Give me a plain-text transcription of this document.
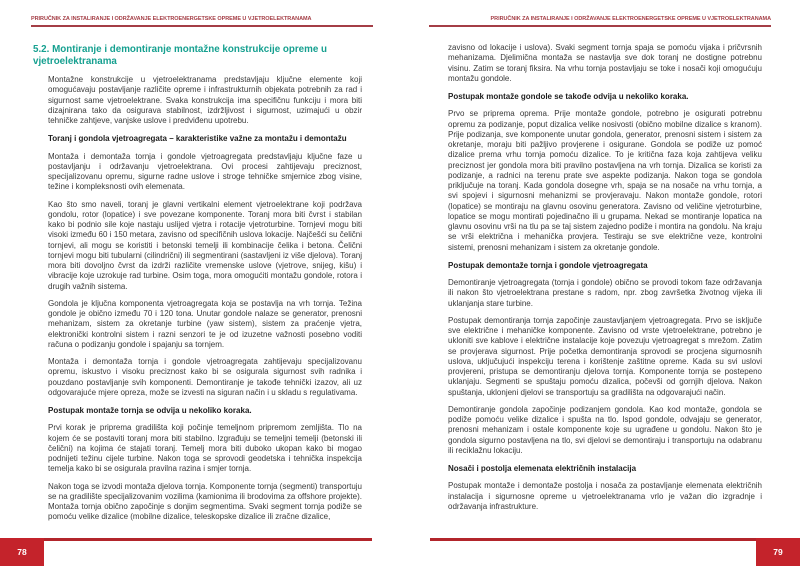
PRIRUČNIK ZA INSTALIRANJE I ODRŽAVANJE ELEKTROENERGETSKE OPREME U VJETROELEKTRANAMA
5.2. Montiranje i demontiranje montažne konstrukcije opreme u vjetroelektranama
Montažne konstrukcije u vjetroelektranama predstavljaju ključne elemente koji omogućavaju postavljanje različite opreme i infrastrukturnih objekata potrebnih za rad i sigurnost same vjetroelektrane. Svaka konstrukcija ima specifičnu funkciju i mora biti dizajnirana tako da osigurava stabilnost, izdržljivost i sigurnost, uzimajući u obzir tehničke zahtjeve, vanjske uslove i predviđenu upotrebu.
Toranj i gondola vjetroagregata – karakteristike važne za montažu i demontažu
Montaža i demontaža tornja i gondole vjetroagregata predstavljaju ključne faze u postavljanju i održavanju vjetroelektrana. Ovi procesi zahtijevaju preciznost, specijalizovanu opremu, sigurne radne uslove i stroge tehničke smjernice zbog visine, težine i kompleksnosti ovih elemenata.
Kao što smo naveli, toranj je glavni vertikalni element vjetroelektrane koji podržava gondolu, rotor (lopatice) i sve povezane komponente. Toranj mora biti čvrst i stabilan kako bi podnio sile koje nastaju uslijed vjetra i rotacije vjetroturbine. Tornjevi mogu biti visoki između 60 i 150 metara, zavisno od specifičnih uslova lokacije. Najčešći su čelični tornjevi, ali mogu se koristiti i betonski temelji ili kombinacije čelika i betona. Čelični tornjevi mogu biti tubularni (cilindrični) ili segmentirani (sastavljeni iz više djelova). Toranj mora biti dovoljno čvrst da izdrži različite vremenske uslove (vjetrove, snijeg, kišu) i vibracije koje uzrokuje rad turbine. Osim toga, mora omogućiti montažu gondole, rotora i drugih važnih sistema.
Gondola je ključna komponenta vjetroagregata koja se postavlja na vrh tornja. Težina gondole je obično između 70 i 120 tona. Unutar gondole nalaze se generator, prenosni mehanizam, sistem za okretanje turbine (yaw sistem), sistem za praćenje vjetra, elektronički kontrolni sistem i razni senzori te je od izuzetne važnosti posebno voditi računa o podizanju gondole i spajanju sa tornjem.
Montaža i demontaža tornja i gondole vjetroagregata zahtijevaju specijalizovanu opremu, iskustvo i visoku preciznost kako bi se osigurala sigurnost svih radnika i pouzdano postavljanje svih komponenti. Demontiranje je takođe tehnički izazov, ali uz odgovarajuće mjere opreza, može se izvesti na siguran način i u skladu s regulativama.
Postupak montaže tornja se odvija u nekoliko koraka.
Prvi korak je priprema gradilišta koji počinje temeljnom pripremom zemljišta. Tlo na kojem će se postaviti toranj mora biti stabilno. Izgrađuju se temeljni temelji (betonski ili čelični) na kojima će stajati toranj. Temelj mora biti duboko ukopan kako bi mogao podnijeti težinu cijele turbine. Nakon toga se sprovodi geodetska i tehnička inspekcija temelja kako bi se osigurala pravilna razina i smjer tornja.
Nakon toga se izvodi montaža djelova tornja. Komponente tornja (segmenti) transportuju se na gradilište specijalizovanim vozilima (kamionima ili brodovima za offshore projekte). Montaža tornja obično započinje s donjim segmentima. Svaki segment tornja podiže se pomoću velike dizalice (mobilne dizalice, teleskopske dizalice ili zračne dizalice,
PRIRUČNIK ZA INSTALIRANJE I ODRŽAVANJE ELEKTROENERGETSKE OPREME U VJETROELEKTRANAMA
zavisno od lokacije i uslova). Svaki segment tornja spaja se pomoću vijaka i pričvrsnih mehanizama. Djelimična montaža se nastavlja sve dok toranj ne dostigne potrebnu visinu. Zatim se toranj fiksira. Na vrhu tornja postavljaju se toke i nosači koji omogućuju montažu gondole.
Postupak montaže gondole se takođe odvija u nekoliko koraka.
Prvo se priprema oprema. Prije montaže gondole, potrebno je osigurati potrebnu opremu za podizanje, poput dizalica velike nosivosti (obično mobilne dizalice s kranom). Prije podizanja, sve komponente unutar gondola, generator, prenosni sistem i sistem za okretanje, moraju biti pažljivo provjerene i osigurane. Gondola se podiže uz pomoć dizalice prema vrhu tornja pomoću dizalice. To je kritična faza koja zahtijeva veliku preciznost jer gondola mora biti pravilno postavljena na vrh tornja. Dizalica se koristi za podizanje, a radnici na terenu prate sve aspekte podizanja. Nakon toga se gondola priključuje na toranj. Kada gondola dosegne vrh, spaja se na nosače na vrhu tornja, a svi spojevi i sigurnosni mehanizmi se provjeravaju. Nakon montaže gondole, rotori (lopatice) se montiraju na glavnu osovinu generatora. Zavisno od veličine vjetroturbine, lopatice se mogu montirati pojedinačno ili u grupama. Nekad se montiranje lopatica na glavnu osovinu vrši na tlu pa se taj sistem zajedno podiže i montira na gondolu. Na kraju se vrši električna i mehanička provjera. Testiraju se sve električne veze, kontrolni sistemi, prenosni mehanizam i sistem za okretanje gondole.
Postupak demontaže tornja i gondole vjetroagregata
Demontiranje vjetroagregata (tornja i gondole) obično se provodi tokom faze održavanja ili nakon što vjetroelektrana prestane s radom, npr. zbog završetka životnog vijeka ili uklanjanja stare turbine.
Postupak demontiranja tornja započinje zaustavljanjem vjetroagregata. Prvo se isključe sve električne i mehaničke komponente. Zavisno od vrste vjetroelektrane, potrebno je ukloniti sve kablove i električne instalacije koje povezuju vjetroagregat s mrežom. Zatim se provjerava sigurnost. Prije početka demontiranja sprovodi se procjena sigurnosnih uslova, uključujući inspekciju terena i korištenje zaštitne opreme. Kada su svi uslovi provjereni, pristupa se demontiranju djelova tornja. Komponente tornja se postepeno uklanjaju. Segmenti se spuštaju pomoću dizalica, počevši od gornjih djelova. Nakon spuštanja, uklonjeni djelovi se transportuju sa gradilišta na odgovarajući način.
Demontiranje gondola započinje podizanjem gondola. Kao kod montaže, gondola se podiže pomoću velike dizalice i spušta na tlo. Ispod gondole, odvajaju se generator, prenosni mehanizam i ostale komponente koje su ugrađene u gondolu. Nakon što je gondola sigurno postavljena na tlo, svi djelovi se demontiraju i transportuju na odabranu ili reciklažnu lokaciju.
Nosači i postolja elemenata električnih instalacija
Postupak montaže i demontaže postolja i nosača za postavljanje elemenata električnih instalacija i sigurnosne opreme u vjetroelektranama vrlo je važan dio izgradnje i održavanja infrastrukture.
78	79
